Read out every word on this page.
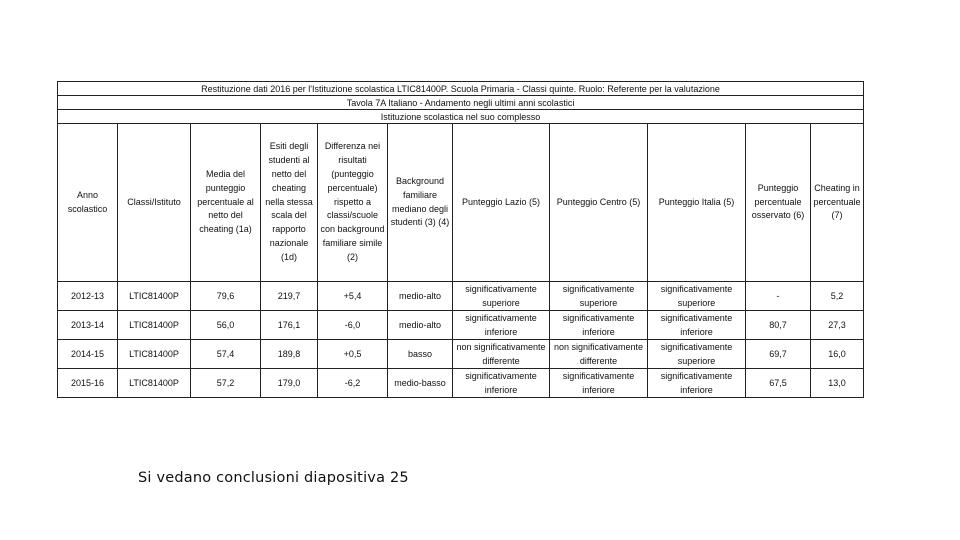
Restituzione dati 2016 per l'Istituzione scolastica LTIC81400P. Scuola Primaria - Classi quinte. Ruolo: Referente per la valutazione										
Tavola 7A Italiano - Andamento negli ultimi anni scolastici										
Istituzione scolastica nel suo complesso										
Anno scolastico	Classi/Istituto	Media del punteggio percentuale al netto del cheating (1a)	Esiti degli studenti al netto del cheating nella stessa scala del rapporto nazionale (1d)	Differenza nei risultati (punteggio percentuale) rispetto a classi/scuole con background familiare simile (2)	Background familiare mediano degli studenti (3) (4)	Punteggio Lazio (5)	Punteggio Centro (5)	Punteggio Italia (5)	Punteggio percentuale osservato (6)	Cheating in percentuale (7)
2012-13	LTIC81400P	79,6	219,7	+5,4	medio-alto	significativamente superiore	significativamente superiore	significativamente superiore	-	5,2
2013-14	LTIC81400P	56,0	176,1	-6,0	medio-alto	significativamente inferiore	significativamente inferiore	significativamente inferiore	80,7	27,3
2014-15	LTIC81400P	57,4	189,8	+0,5	basso	non significativamente differente	non significativamente differente	significativamente superiore	69,7	16,0
2015-16	LTIC81400P	57,2	179,0	-6,2	medio-basso	significativamente inferiore	significativamente inferiore	significativamente inferiore	67,5	13,0
Si vedano conclusioni diapositiva 25
